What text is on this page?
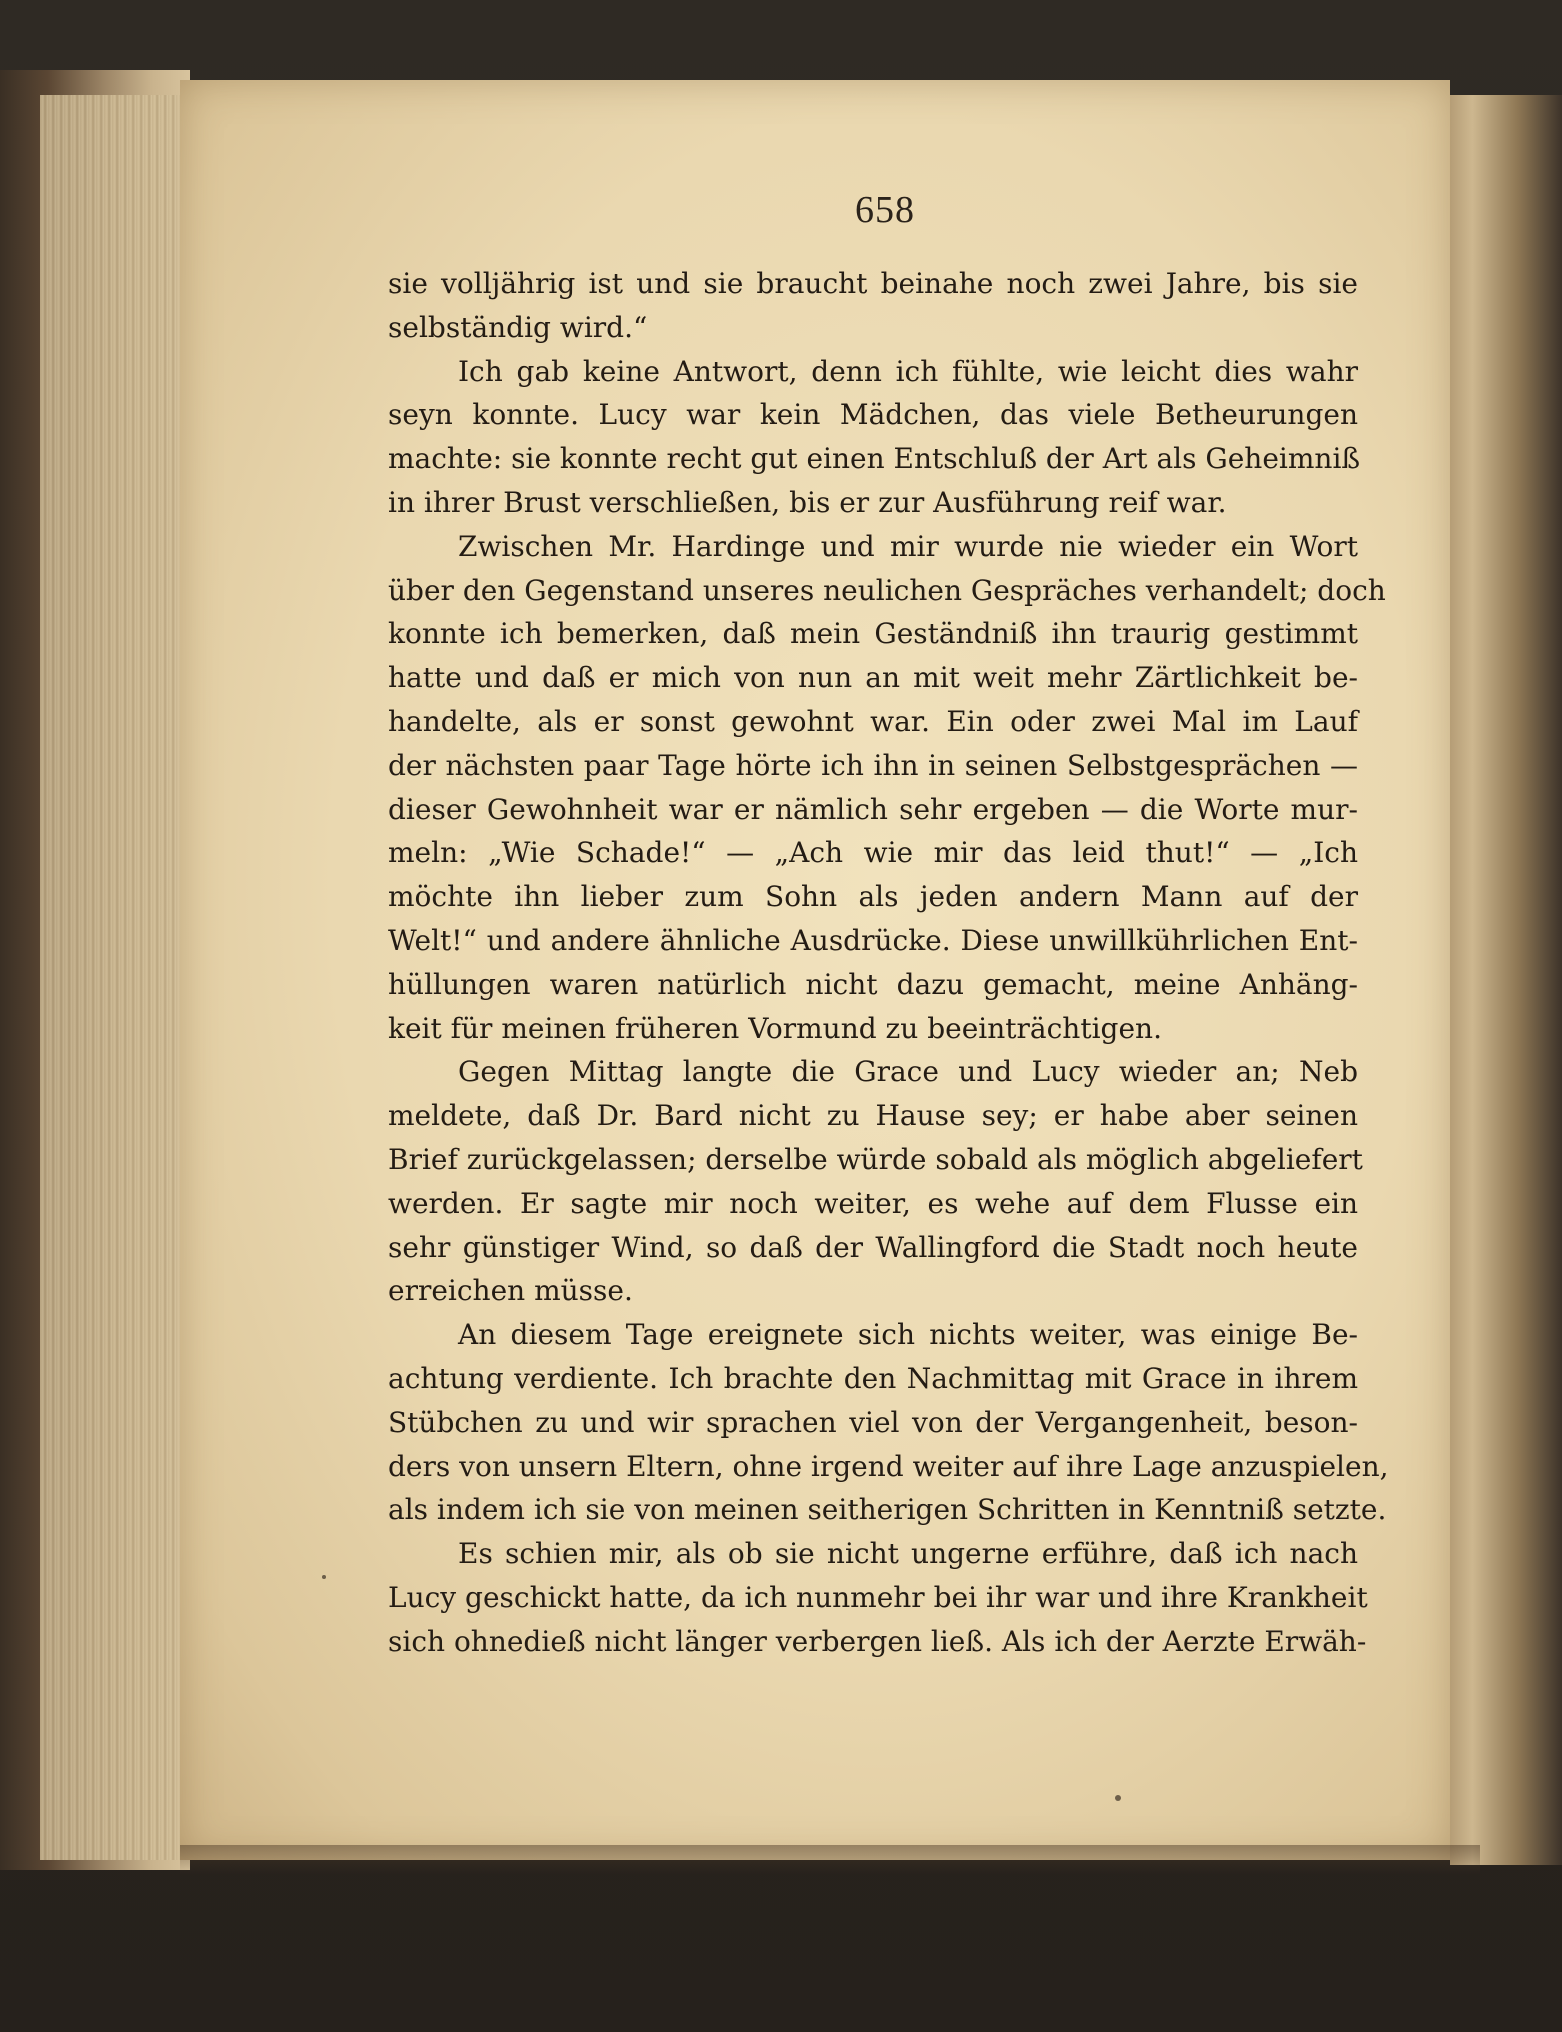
658
sie volljährig ist und sie braucht beinahe noch zwei Jahre, bis sie
selbständig wird.“
Ich gab keine Antwort, denn ich fühlte, wie leicht dies wahr
seyn konnte. Lucy war kein Mädchen, das viele Betheurungen
machte: sie konnte recht gut einen Entschluß der Art als Geheimniß
in ihrer Brust verschließen, bis er zur Ausführung reif war.
Zwischen Mr. Hardinge und mir wurde nie wieder ein Wort
über den Gegenstand unseres neulichen Gespräches verhandelt; doch
konnte ich bemerken, daß mein Geständniß ihn traurig gestimmt
hatte und daß er mich von nun an mit weit mehr Zärtlichkeit be-
handelte, als er sonst gewohnt war. Ein oder zwei Mal im Lauf
der nächsten paar Tage hörte ich ihn in seinen Selbstgesprächen —
dieser Gewohnheit war er nämlich sehr ergeben — die Worte mur-
meln: „Wie Schade!“ — „Ach wie mir das leid thut!“ — „Ich
möchte ihn lieber zum Sohn als jeden andern Mann auf der
Welt!“ und andere ähnliche Ausdrücke. Diese unwillkührlichen Ent-
hüllungen waren natürlich nicht dazu gemacht, meine Anhäng-
keit für meinen früheren Vormund zu beeinträchtigen.
Gegen Mittag langte die Grace und Lucy wieder an; Neb
meldete, daß Dr. Bard nicht zu Hause sey; er habe aber seinen
Brief zurückgelassen; derselbe würde sobald als möglich abgeliefert
werden. Er sagte mir noch weiter, es wehe auf dem Flusse ein
sehr günstiger Wind, so daß der Wallingford die Stadt noch heute
erreichen müsse.
An diesem Tage ereignete sich nichts weiter, was einige Be-
achtung verdiente. Ich brachte den Nachmittag mit Grace in ihrem
Stübchen zu und wir sprachen viel von der Vergangenheit, beson-
ders von unsern Eltern, ohne irgend weiter auf ihre Lage anzuspielen,
als indem ich sie von meinen seitherigen Schritten in Kenntniß setzte.
Es schien mir, als ob sie nicht ungerne erführe, daß ich nach
Lucy geschickt hatte, da ich nunmehr bei ihr war und ihre Krankheit
sich ohnedieß nicht länger verbergen ließ. Als ich der Aerzte Erwäh-
